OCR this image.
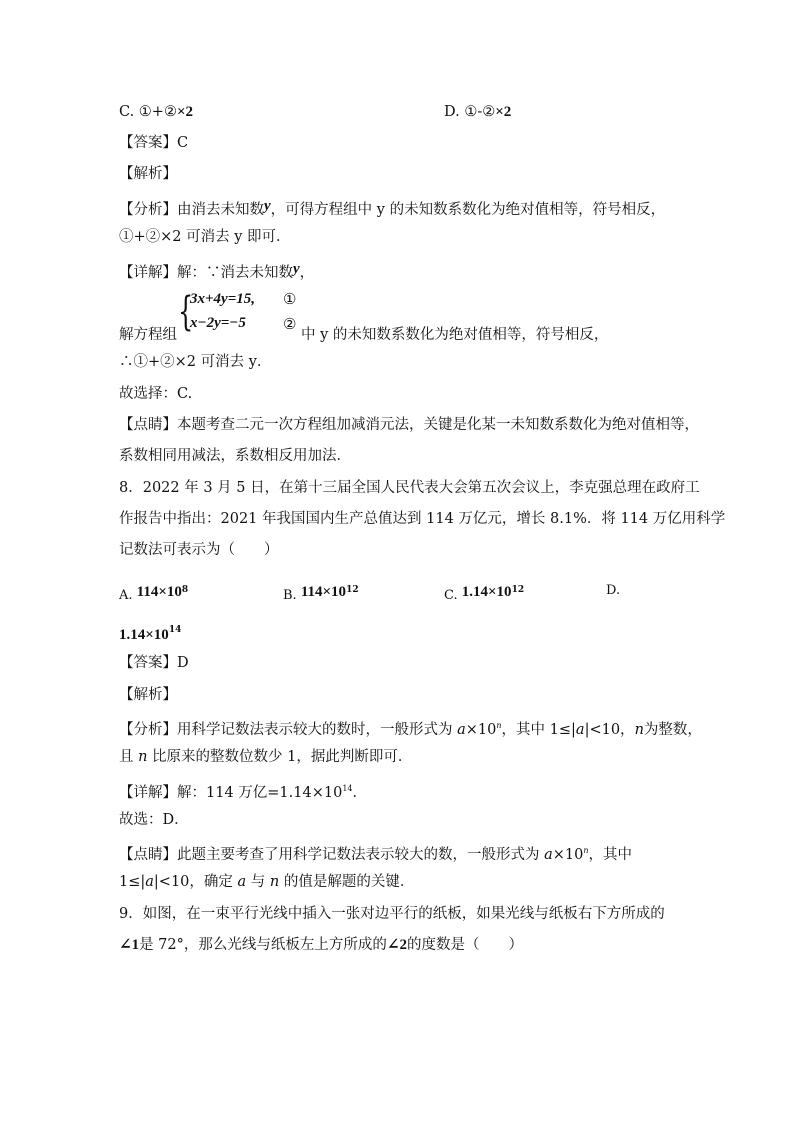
C. ①+②×2	D. ①-②×2
【答案】C
【解析】
【分析】由消去未知数y，可得方程组中 y 的未知数系数化为绝对值相等，符号相反，
①+②×2 可消去 y 即可．
【详解】解：∵消去未知数y，
{
3x+4y=15,
x−2y=−5
①
②
解方程组	中 y 的未知数系数化为绝对值相等，符号相反，
∴①+②×2 可消去 y．
故选择：C.
【点睛】本题考查二元一次方程组加减消元法，关键是化某一未知数系数化为绝对值相等，
系数相同用减法，系数相反用加法．
8．2022 年 3 月 5 日，在第十三届全国人民代表大会第五次会议上，李克强总理在政府工
作报告中指出：2021 年我国国内生产总值达到 114 万亿元，增长 8.1%．将 114 万亿用科学
记数法可表示为（　　）
A. $114\times 10^8$	B. $114\times 10^{12}$	C. $1.14\times 10^{12}$	D.
$1.14\times 10^{14}$
【答案】D
【解析】
【分析】用科学记数法表示较大的数时，一般形式为 $a\times 10^n$，其中 1≤|a|<10，n为整数，
且 n 比原来的整数位数少 1，据此判断即可．
【详解】解：114 万亿$=1.14\times 10^{14}$．
故选：D．
【点睛】此题主要考查了用科学记数法表示较大的数，一般形式为 $a\times 10^n$，其中
1≤|a|<10，确定 a 与 n 的值是解题的关键．
9．如图，在一束平行光线中插入一张对边平行的纸板，如果光线与纸板右下方所成的
∠1是 72°，那么光线与纸板左上方所成的∠2的度数是（　　）
